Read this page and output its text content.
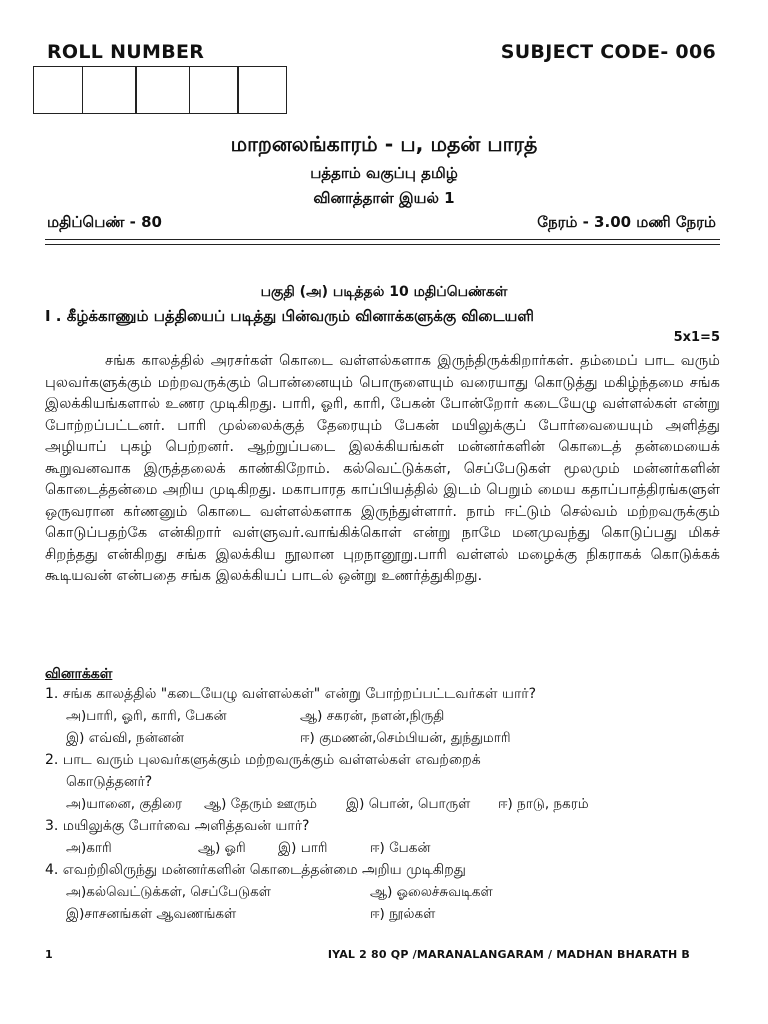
ROLL NUMBER	SUBJECT CODE- 006
மாறனலங்காரம் - ப, மதன் பாரத்
பத்தாம் வகுப்பு தமிழ்
வினாத்தாள் இயல் 1
மதிப்பெண் - 80	நேரம் - 3.00 மணி நேரம்
பகுதி (அ) படித்தல் 10 மதிப்பெண்கள்
I . கீழ்க்காணும் பத்தியைப் படித்து பின்வரும் வினாக்களுக்கு விடையளி
5x1=5

சங்க காலத்தில் அரசர்கள் கொடை வள்ளல்களாக இருந்திருக்கிறார்கள். தம்மைப் பாட வரும் புலவர்களுக்கும் மற்றவருக்கும் பொன்னையும் பொருளையும் வரையாது கொடுத்து மகிழ்ந்தமை சங்க இலக்கியங்களால் உணர முடிகிறது. பாரி, ஓரி, காரி, பேகன் போன்றோர் கடையேழு வள்ளல்கள் என்று போற்றப்பட்டனர். பாரி முல்லைக்குத் தேரையும் பேகன் மயிலுக்குப் போர்வையையும் அளித்து அழியாப் புகழ் பெற்றனர். ஆற்றுப்படை இலக்கியங்கள் மன்னர்களின் கொடைத் தன்மையைக் கூறுவனவாக இருத்தலைக் காண்கிறோம். கல்வெட்டுக்கள், செப்பேடுகள் மூலமும் மன்னர்களின் கொடைத்தன்மை அறிய முடிகிறது. மகாபாரத காப்பியத்தில் இடம் பெறும் மைய கதாப்பாத்திரங்களுள் ஒருவரான கர்ணனும் கொடை வள்ளல்களாக இருந்துள்ளார். நாம் ஈட்டும் செல்வம் மற்றவருக்கும் கொடுப்பதற்கே என்கிறார் வள்ளுவர்.வாங்கிக்கொள் என்று நாமே மனமுவந்து கொடுப்பது மிகச் சிறந்தது என்கிறது சங்க இலக்கிய நூலான புறநானூறு.பாரி வள்ளல் மழைக்கு நிகராகக் கொடுக்கக் கூடியவன் என்பதை சங்க இலக்கியப் பாடல் ஒன்று உணர்த்துகிறது.

வினாக்கள்
1. சங்க காலத்தில் "கடையேழு வள்ளல்கள்" என்று போற்றப்பட்டவர்கள் யார்?
அ)பாரி, ஓரி, காரி, பேகன்	ஆ) சகரன், நளன்,நிருதி
இ) எவ்வி, நன்னன்	ஈ) குமணன்,செம்பியன், துந்துமாரி
2. பாட வரும் புலவர்களுக்கும் மற்றவருக்கும் வள்ளல்கள் எவற்றைக்
கொடுத்தனர்?
அ)யானை, குதிரை ஆ) தேரும் ஊரும் இ) பொன், பொருள் ஈ) நாடு, நகரம்
3. மயிலுக்கு போர்வை அளித்தவன் யார்?
அ)காரி	ஆ) ஓரி இ) பாரி	ஈ) பேகன்
4. எவற்றிலிருந்து மன்னர்களின் கொடைத்தன்மை அறிய முடிகிறது
அ)கல்வெட்டுக்கள், செப்பேடுகள்	ஆ) ஓலைச்சுவடிகள்
இ)சாசனங்கள் ஆவணங்கள்	ஈ) நூல்கள்
1	IYAL 2 80 QP /MARANALANGARAM / MADHAN BHARATH B
